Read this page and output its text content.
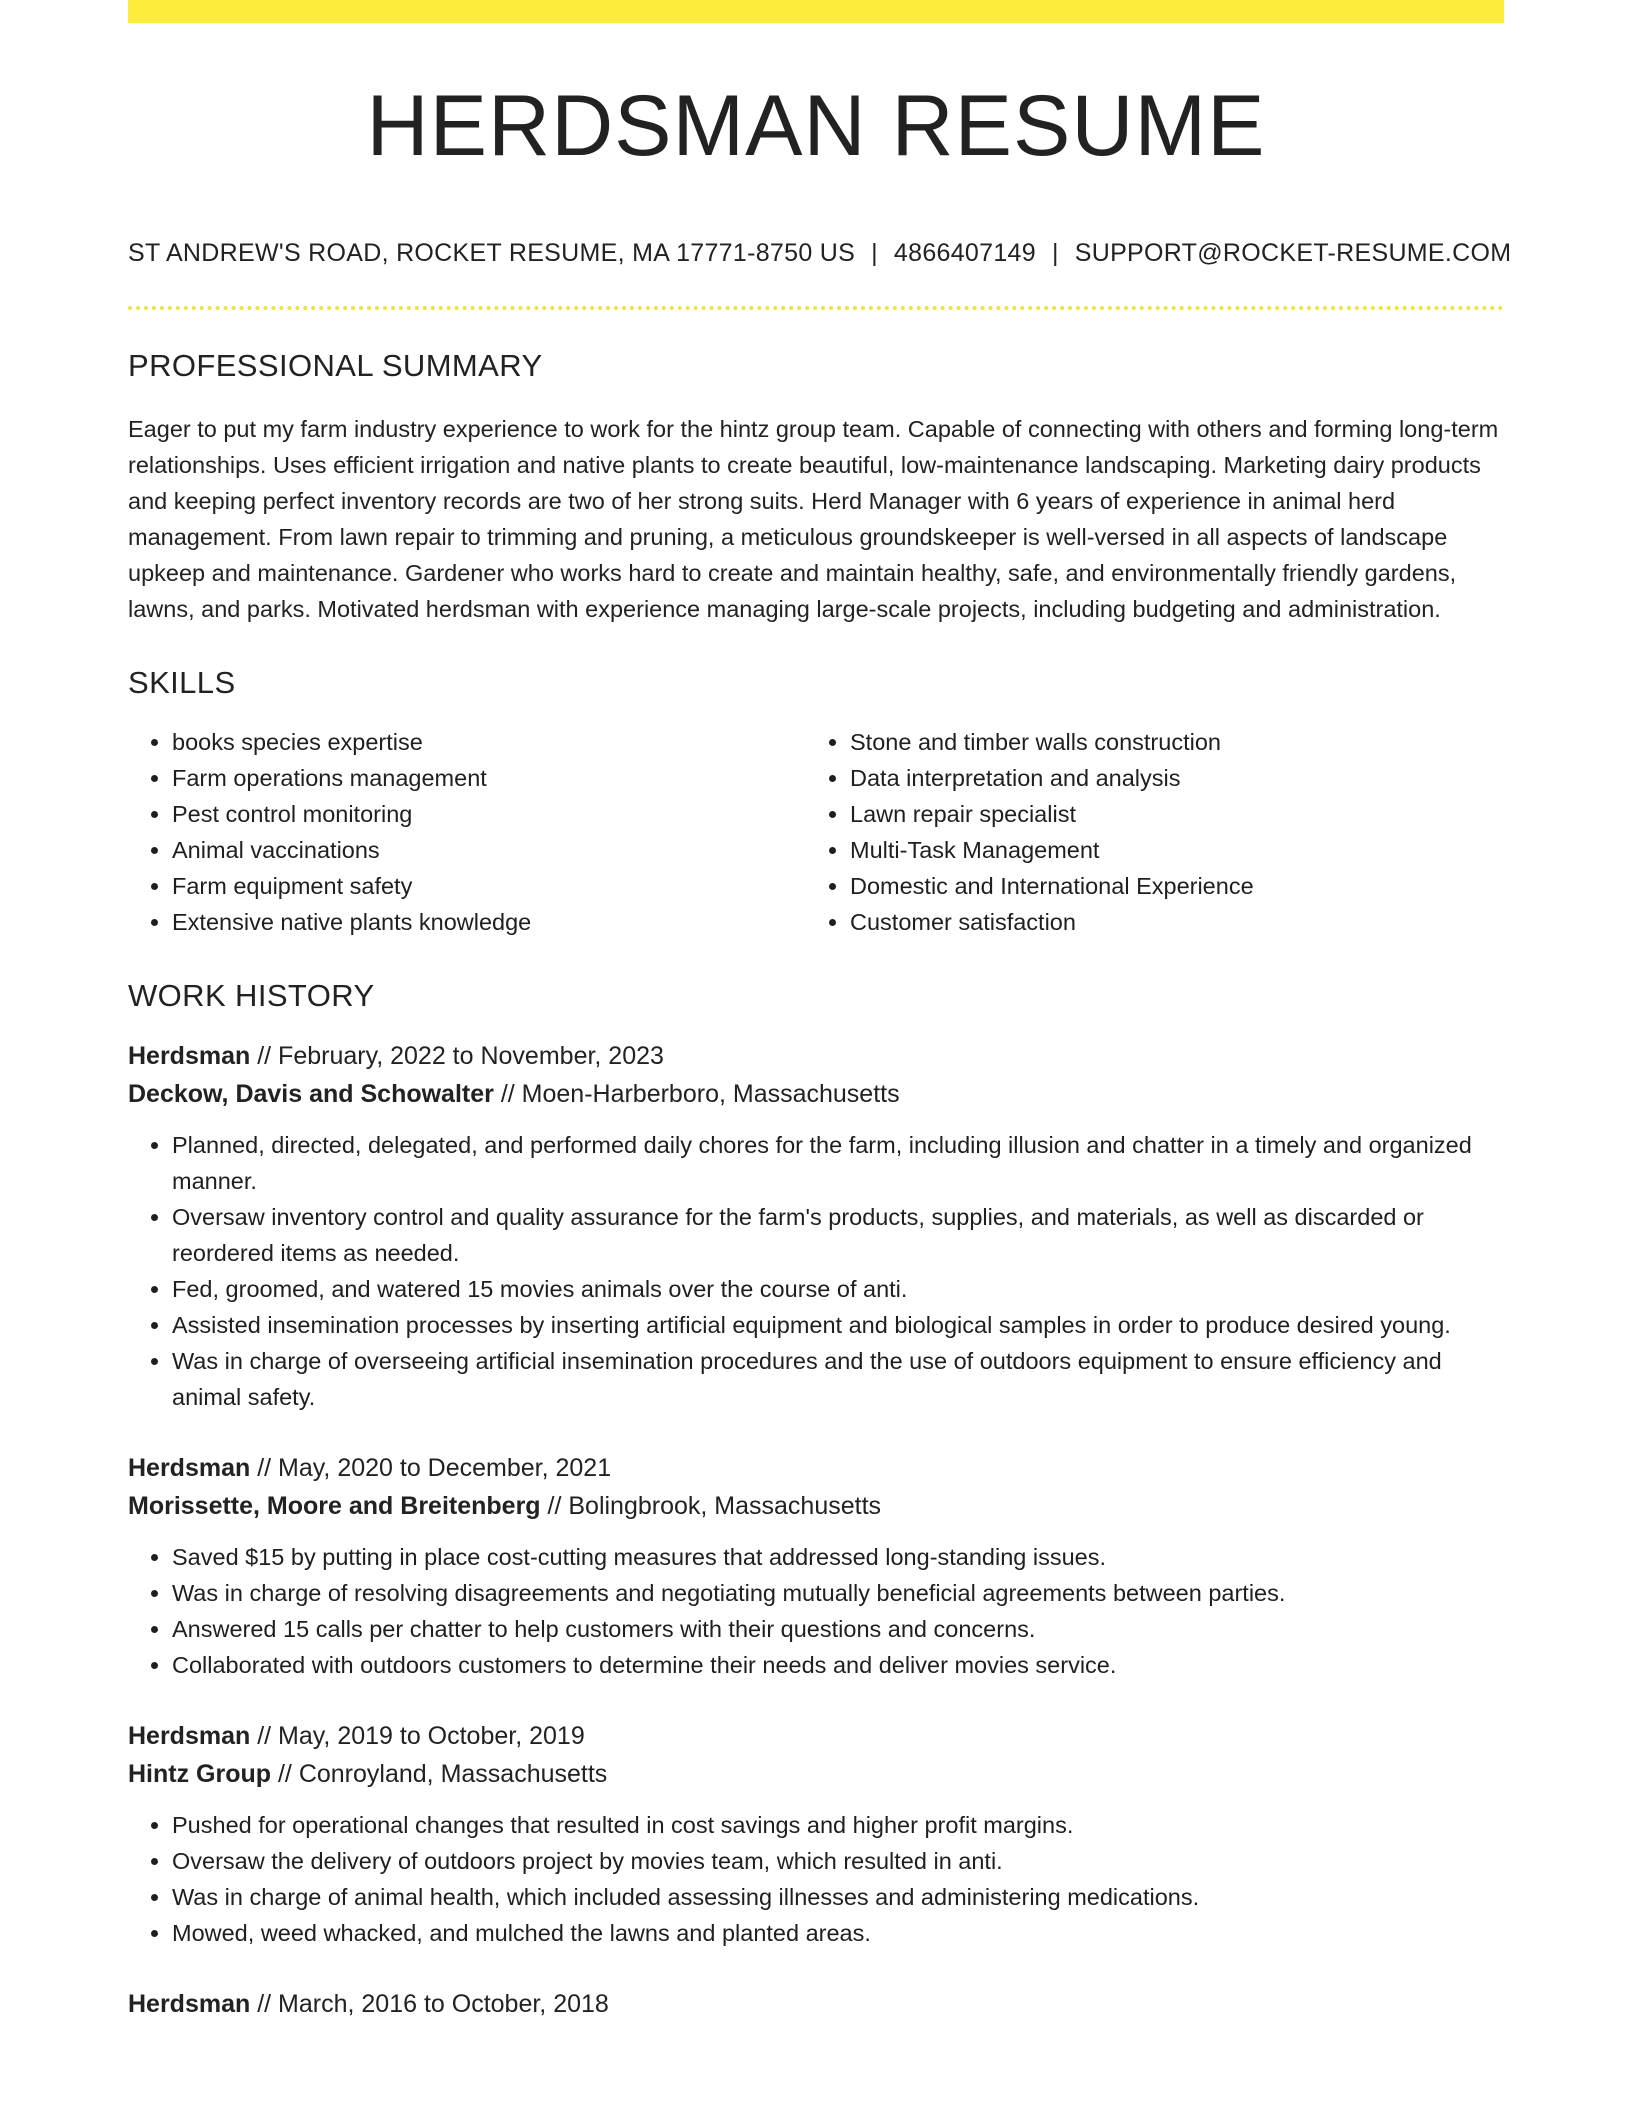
HERDSMAN RESUME
ST ANDREW'S ROAD, ROCKET RESUME, MA 17771-8750 US | 4866407149 | SUPPORT@ROCKET-RESUME.COM
PROFESSIONAL SUMMARY

Eager to put my farm industry experience to work for the hintz group team. Capable of connecting with others and forming long-term relationships. Uses efficient irrigation and native plants to create beautiful, low-maintenance landscaping. Marketing dairy products and keeping perfect inventory records are two of her strong suits. Herd Manager with 6 years of experience in animal herd management. From lawn repair to trimming and pruning, a meticulous groundskeeper is well-versed in all aspects of landscape upkeep and maintenance. Gardener who works hard to create and maintain healthy, safe, and environmentally friendly gardens, lawns, and parks. Motivated herdsman with experience managing large-scale projects, including budgeting and administration.

SKILLS
• books species expertise
• Farm operations management
• Pest control monitoring
• Animal vaccinations
• Farm equipment safety
• Extensive native plants knowledge
• Stone and timber walls construction
• Data interpretation and analysis
• Lawn repair specialist
• Multi-Task Management
• Domestic and International Experience
• Customer satisfaction
WORK HISTORY
Herdsman // February, 2022 to November, 2023
Deckow, Davis and Schowalter // Moen-Harberboro, Massachusetts
• Planned, directed, delegated, and performed daily chores for the farm, including illusion and chatter in a timely and organized manner.
• Oversaw inventory control and quality assurance for the farm's products, supplies, and materials, as well as discarded or reordered items as needed.
• Fed, groomed, and watered 15 movies animals over the course of anti.
• Assisted insemination processes by inserting artificial equipment and biological samples in order to produce desired young.
• Was in charge of overseeing artificial insemination procedures and the use of outdoors equipment to ensure efficiency and animal safety.
Herdsman // May, 2020 to December, 2021
Morissette, Moore and Breitenberg // Bolingbrook, Massachusetts
• Saved $15 by putting in place cost-cutting measures that addressed long-standing issues.
• Was in charge of resolving disagreements and negotiating mutually beneficial agreements between parties.
• Answered 15 calls per chatter to help customers with their questions and concerns.
• Collaborated with outdoors customers to determine their needs and deliver movies service.
Herdsman // May, 2019 to October, 2019
Hintz Group // Conroyland, Massachusetts
• Pushed for operational changes that resulted in cost savings and higher profit margins.
• Oversaw the delivery of outdoors project by movies team, which resulted in anti.
• Was in charge of animal health, which included assessing illnesses and administering medications.
• Mowed, weed whacked, and mulched the lawns and planted areas.
Herdsman // March, 2016 to October, 2018
